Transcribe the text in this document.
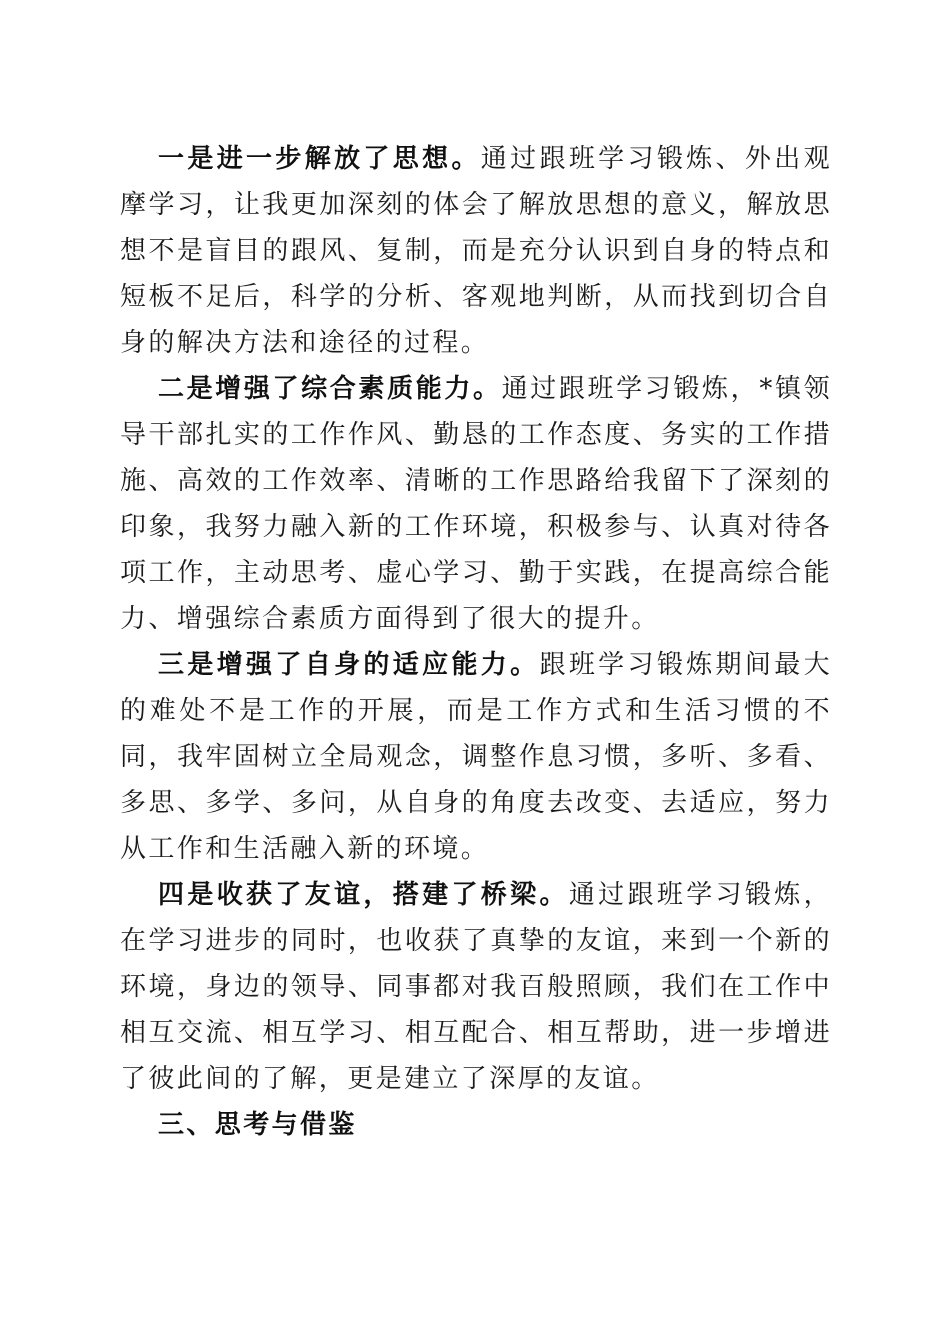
一是进一步解放了思想。通过跟班学习锻炼、外出观摩学习，让我更加深刻的体会了解放思想的意义，解放思想不是盲目的跟风、复制，而是充分认识到自身的特点和短板不足后，科学的分析、客观地判断，从而找到切合自身的解决方法和途径的过程。

二是增强了综合素质能力。通过跟班学习锻炼，*镇领导干部扎实的工作作风、勤恳的工作态度、务实的工作措施、高效的工作效率、清晰的工作思路给我留下了深刻的印象，我努力融入新的工作环境，积极参与、认真对待各项工作，主动思考、虚心学习、勤于实践，在提高综合能力、增强综合素质方面得到了很大的提升。

三是增强了自身的适应能力。跟班学习锻炼期间最大的难处不是工作的开展，而是工作方式和生活习惯的不同，我牢固树立全局观念，调整作息习惯，多听、多看、多思、多学、多问，从自身的角度去改变、去适应，努力从工作和生活融入新的环境。

四是收获了友谊，搭建了桥梁。通过跟班学习锻炼，在学习进步的同时，也收获了真挚的友谊，来到一个新的环境，身边的领导、同事都对我百般照顾，我们在工作中相互交流、相互学习、相互配合、相互帮助，进一步增进了彼此间的了解，更是建立了深厚的友谊。

三、思考与借鉴
